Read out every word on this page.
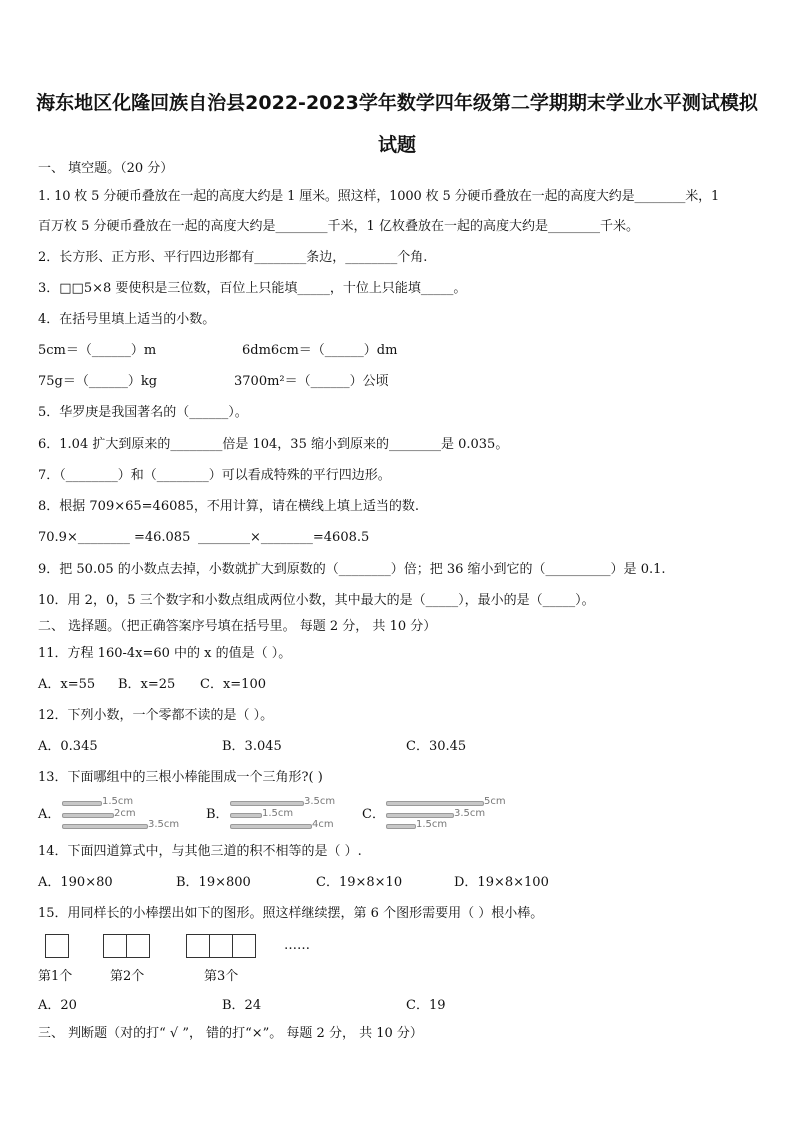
海东地区化隆回族自治县2022-2023学年数学四年级第二学期期末学业水平测试模拟
试题
一、 填空题。（20 分）
1. 10 枚 5 分硬币叠放在一起的高度大约是 1 厘米。照这样，1000 枚 5 分硬币叠放在一起的高度大约是________米，1
百万枚 5 分硬币叠放在一起的高度大约是________千米，1 亿枚叠放在一起的高度大约是________千米。
2．长方形、正方形、平行四边形都有________条边，________个角.
3．□□5×8 要使积是三位数，百位上只能填_____，十位上只能填_____。
4．在括号里填上适当的小数。
5cm＝（______）m	6dm6cm＝（______）dm
75g＝（______）kg	3700m²＝（______）公顷
5．华罗庚是我国著名的（______）。
6．1.04 扩大到原来的________倍是 104，35 缩小到原来的________是 0.035。
7．（________）和（________）可以看成特殊的平行四边形。
8．根据 709×65=46085，不用计算，请在横线上填上适当的数.
70.9×________ =46.085 ________×________=4608.5
9．把 50.05 的小数点去掉，小数就扩大到原数的（________）倍；把 36 缩小到它的（__________）是 0.1.
10．用 2，0，5 三个数字和小数点组成两位小数，其中最大的是（_____），最小的是（_____）。
二、 选择题。（把正确答案序号填在括号里。 每题 2 分， 共 10 分）
11．方程 160-4x=60 中的 x 的值是（ ）。
A．x=55 B．x=25 C．x=100
12．下列小数，一个零都不读的是（ ）。
A．0.345	B．3.045	C．30.45
13．下面哪组中的三根小棒能围成一个三角形?( )
A．
1.5cm
2cm
3.5cm
B．
3.5cm
1.5cm
4cm
C．
5cm
3.5cm
1.5cm
14．下面四道算式中，与其他三道的积不相等的是（ ）.
A．190×80	B．19×800	C．19×8×10	D．19×8×100
15．用同样长的小棒摆出如下的图形。照这样继续摆，第 6 个图形需要用（ ）根小棒。
……
第1个	第2个	第3个
A．20	B．24	C．19
三、 判断题（对的打“ √ ”， 错的打“×”。 每题 2 分， 共 10 分）
